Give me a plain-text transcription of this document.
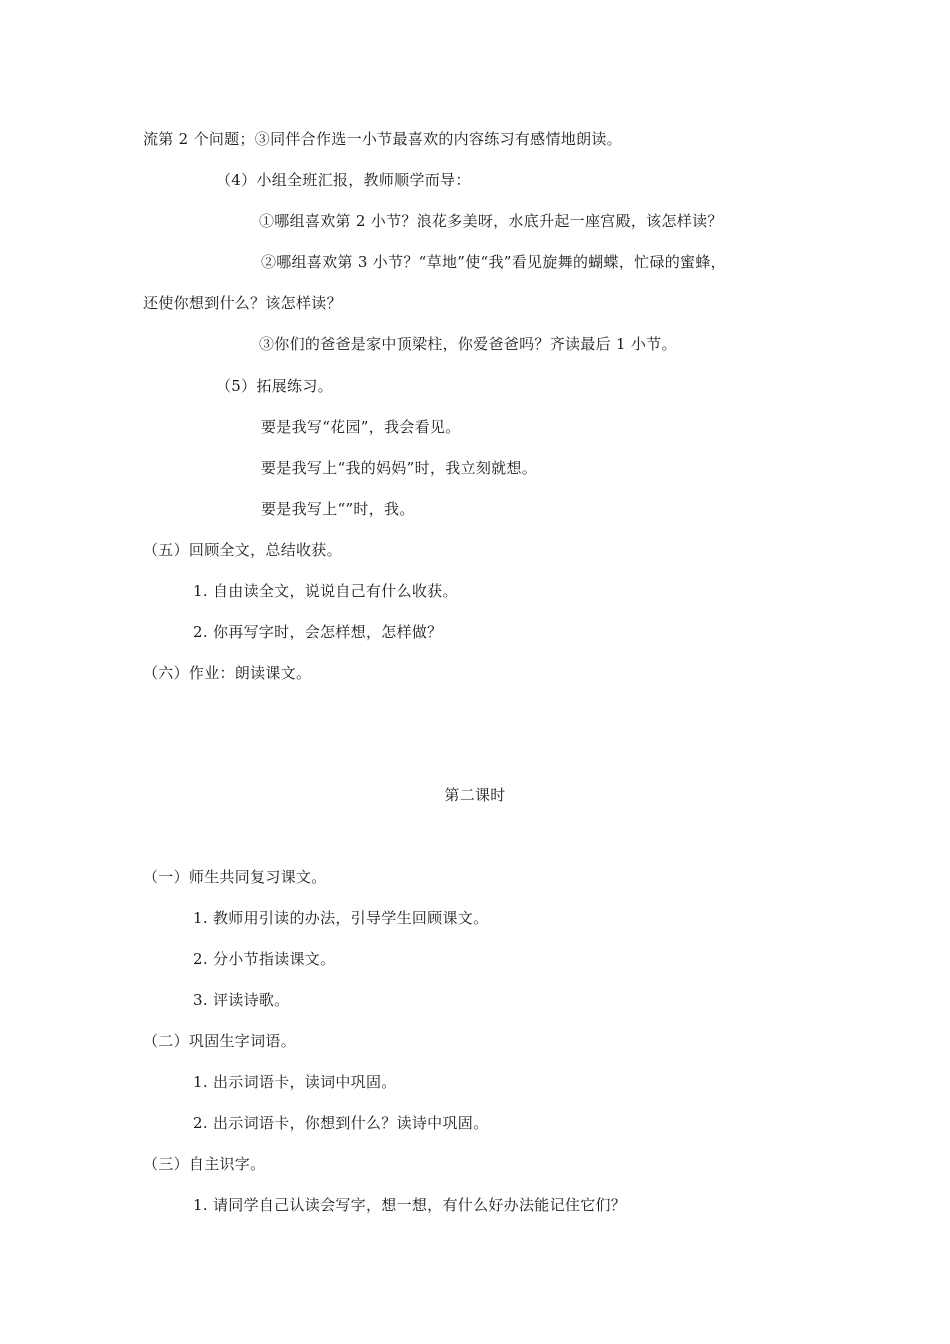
流第 2 个问题；③同伴合作选一小节最喜欢的内容练习有感情地朗读。
（4）小组全班汇报，教师顺学而导：
①哪组喜欢第 2 小节？浪花多美呀，水底升起一座宫殿，该怎样读？
②哪组喜欢第 3 小节？“草地”使“我”看见旋舞的蝴蝶，忙碌的蜜蜂，
还使你想到什么？该怎样读？
③你们的爸爸是家中顶梁柱，你爱爸爸吗？齐读最后 1 小节。
（5）拓展练习。
要是我写“花园”，我会看见。
要是我写上“我的妈妈”时，我立刻就想。
要是我写上“”时，我。
（五）回顾全文，总结收获。
1. 自由读全文，说说自己有什么收获。
2. 你再写字时，会怎样想，怎样做？
（六）作业：朗读课文。
第二课时
（一）师生共同复习课文。
1. 教师用引读的办法，引导学生回顾课文。
2. 分小节指读课文。
3. 评读诗歌。
（二）巩固生字词语。
1. 出示词语卡，读词中巩固。
2. 出示词语卡，你想到什么？读诗中巩固。
（三）自主识字。
1. 请同学自己认读会写字，想一想，有什么好办法能记住它们？
